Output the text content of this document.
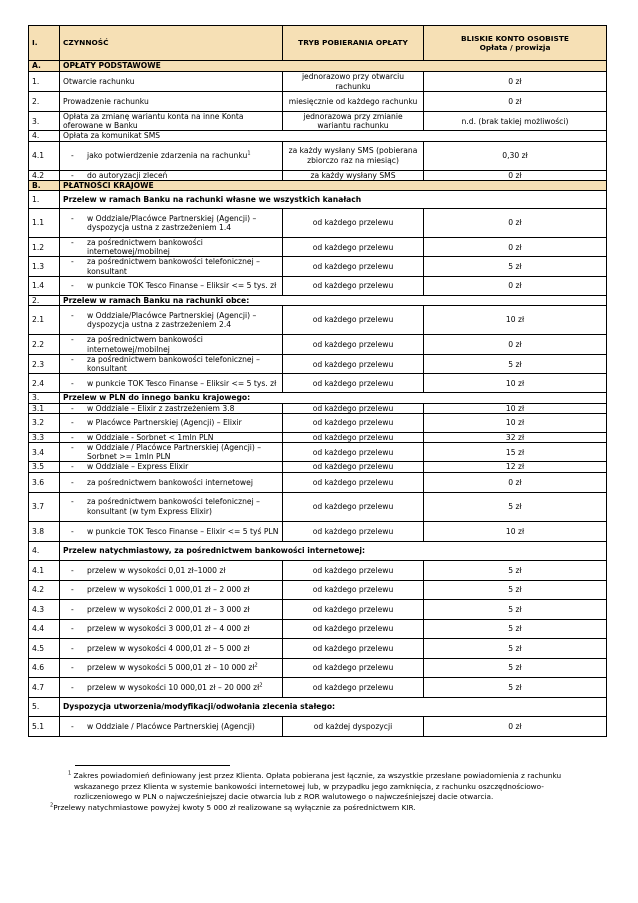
I.	CZYNNOŚĆ	TRYB POBIERANIA OPŁATY	BLISKIE KONTO OSOBISTE
Opłata / prowizja

A.	OPŁATY PODSTAWOWE		
1.	Otwarcie rachunku	jednorazowo przy otwarciu rachunku	0 zł
2.	Prowadzenie rachunku	miesięcznie od każdego rachunku	0 zł
3.	Opłata za zmianę wariantu konta na inne Konta oferowane w Banku	jednorazowa przy zmianie wariantu rachunku	n.d. (brak takiej możliwości)
4.	Opłata za komunikat SMS		
4.1	- jako potwierdzenie zdarzenia na rachunku$^1$	za każdy wysłany SMS (pobierana zbiorczo raz na miesiąc)	0,30 zł
4.2	- do autoryzacji zleceń	za każdy wysłany SMS	0 zł
B.	PŁATNOŚCI KRAJOWE		
1.	Przelew w ramach Banku na rachunki własne we wszystkich kanałach		
1.1	- w Oddziale/Placówce Partnerskiej (Agencji) – dyspozycja ustna z zastrzeżeniem 1.4	od każdego przelewu	0 zł
1.2	- za pośrednictwem bankowości internetowej/mobilnej	od każdego przelewu	0 zł
1.3	- za pośrednictwem bankowości telefonicznej – konsultant	od każdego przelewu	5 zł
1.4	- w punkcie TOK Tesco Finanse – Eliksir <= 5 tys. zł	od każdego przelewu	0 zł
2.	Przelew w ramach Banku na rachunki obce:		
2.1	- w Oddziale/Placówce Partnerskiej (Agencji) – dyspozycja ustna z zastrzeżeniem 2.4	od każdego przelewu	10 zł
2.2	- za pośrednictwem bankowości internetowej/mobilnej	od każdego przelewu	0 zł
2.3	- za pośrednictwem bankowości telefonicznej – konsultant	od każdego przelewu	5 zł
2.4	- w punkcie TOK Tesco Finanse – Eliksir <= 5 tys. zł	od każdego przelewu	10 zł
3.	Przelew w PLN do innego banku krajowego:		
3.1	- w Oddziale – Elixir z zastrzeżeniem 3.8	od każdego przelewu	10 zł
3.2	- w Placówce Partnerskiej (Agencji) – Elixir	od każdego przelewu	10 zł
3.3	- w Oddziale - Sorbnet < 1mln PLN	od każdego przelewu	32 zł
3.4	- w Oddziale / Placówce Partnerskiej (Agencji) – Sorbnet >= 1mln PLN	od każdego przelewu	15 zł
3.5	- w Oddziale – Express Elixir	od każdego przelewu	12 zł
3.6	- za pośrednictwem bankowości internetowej	od każdego przelewu	0 zł
3.7	- za pośrednictwem bankowości telefonicznej – konsultant (w tym Express Elixir)	od każdego przelewu	5 zł
3.8	- w punkcie TOK Tesco Finanse – Elixir <= 5 tyś PLN	od każdego przelewu	10 zł
4.	Przelew natychmiastowy, za pośrednictwem bankowości internetowej:		
4.1	- przelew w wysokości 0,01 zł–1000 zł	od każdego przelewu	5 zł
4.2	- przelew w wysokości 1 000,01 zł – 2 000 zł	od każdego przelewu	5 zł
4.3	- przelew w wysokości 2 000,01 zł – 3 000 zł	od każdego przelewu	5 zł
4.4	- przelew w wysokości 3 000,01 zł – 4 000 zł	od każdego przelewu	5 zł
4.5	- przelew w wysokości 4 000,01 zł – 5 000 zł	od każdego przelewu	5 zł
4.6	- przelew w wysokości 5 000,01 zł – 10 000 $zł^2$	od każdego przelewu	5 zł
4.7	- przelew w wysokości 10 000,01 zł – 20 000 $zł^2$	od każdego przelewu	5 zł
5.	Dyspozycja utworzenia/modyfikacji/odwołania zlecenia stałego:		
5.1	- w Oddziale / Placówce Partnerskiej (Agencji)	od każdej dyspozycji	0 zł
$^1$ Zakres powiadomień definiowany jest przez Klienta. Opłata pobierana jest łącznie, za wszystkie przesłane powiadomienia z rachunku wskazanego przez Klienta w systemie bankowości internetowej lub, w przypadku jego zamknięcia, z rachunku oszczędnościowo-rozliczeniowego w PLN o najwcześniejszej dacie otwarcia lub z ROR walutowego o najwcześniejszej dacie otwarcia.
$^2$Przelewy natychmiastowe powyżej kwoty 5 000 zł realizowane są wyłącznie za pośrednictwem KIR.
